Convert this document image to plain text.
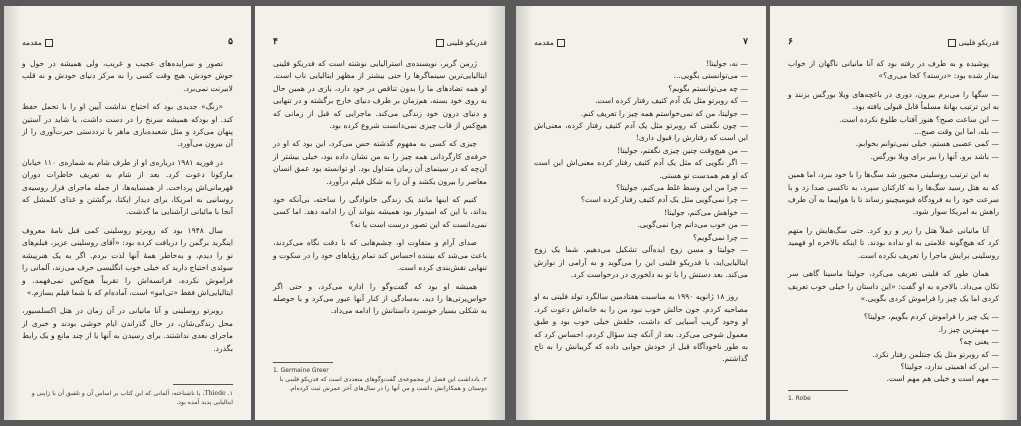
مقدمه	۵

تصور و سرایده‌های عجیب و غریب، ولی همیشه در حول و حوش خودش، هیچ وقت کسی را به مرکز دنیای خودش و نه قلب لابیرنت نمی‌برد.

«زنگ» جدیدی بود که احتیاج نداشت آیین او را با تحمل حفظ کند. او بودکه همیشه سرنخ را در دست داشت، یا شاید در آستین پنهان می‌کرد و مثل شعبده‌بازی ماهر با ترددستی حیرت‌آوری را از آن بیرون می‌آورد.

در فوریه ۱۹۸۱ درباره‌ی او از طرف شام به شماره‌ی ۱۱۰ خیابان مارکونا دعوت کرد. بعد از شام به تعریف خاطرات دوران قهرمانی‌اش پرداخت. از همسایه‌ها، از جمله ماجرای فرار روسیه‌ی روسانیی به امریکا، برای دیدار ایکتا، برگشتن و غذای کلمشل که آنجا با مائیانی ازآشنایی ما گذشت.

سال ۱۹۴۸ بود که روبرتو روسلینی کمی قبل نامهٔ معروف اینگرید برگمن را دریافت کرده بود: «آقای روسلینی عزیز، فیلم‌های تو را دیدم، و به‌خاطر همهٔ آنها لذت بردم. اگر به یک هنرپیشه سوئدی احتیاج دارید که خیلی خوب انگلیسی حرف می‌زند، آلمانی را فراموش نکرده، فرانسه‌اش را تقریباً هیچ‌کس نمی‌فهمد، و ایتالیایی‌اش فقط «تی‌امو» است، آماده‌ام که با شما فیلم بسازم.»

روبرتو روسلینی و آنا مانیانی در آن زمان در هتل اکسلسیور، محل زندگی‌شان، در حال گذراندن ایام خوشی بودند و خبری از ماجرای بعدی نداشتند. برای رسیدن به آنها یا از چند مانع و یک رابط بگذرد.

۱. Thiede، یا ناشناخته، آلمانی که این کتاب بر اساس آن و تلفیق آن با ژاپنی و ایتالیایی پدید آمده بود.
۴	فدریکو فلینی

ژرمن گریر، نویسنده‌ی استرالیایی نوشته است که فدریکو فلینی ایتالیایی‌ترین سینماگرها را حتی بیشتر از مظهر ایتالیایی ناب است. او همه تضادهای ما را بدون تناقص در خود دارد، بازی در همین حال به روی خود بسته، هم‌زمان بر طرف دنیای خارج برگشته و در تنهایی و دنیای درون خود زندگی می‌کند. ماجرایی که قبل از زمانی که هیچ‌کس از قاب چیزی نمی‌دانست شروع کرده بود.

چیزی که کسی به مفهوم گذشته حس می‌کرد، این بود که او در حرفه‌ی کارگردانی همه چیز را به من نشان داده بود، خیلی بیشتر از آن‌چه که در سینمای آن زمان متداول بود. او توانسته بود عمق انسان معاصر را بیرون بکشد و آن را به شکل فیلم درآورد.

کنیم که اینها مانند یک زندگی خانوادگی را ساخته، بی‌آنکه خود بداند، با این که امیدوار بود همیشه بتواند آن را ادامه دهد. اما کسی نمی‌دانست که این تصور درست است یا نه؟

صدای آرام و متفاوت او، چشم‌هایی که با دقت نگاه می‌کردند، باعث می‌شد که بیننده احساس کند تمام رؤیاهای خود را در سکوت و تنهایی نقش‌بندی کرده است.

همیشه او بود که گفت‌وگو را اداره می‌کرد، و حتی اگر حواس‌پرتی‌ها را دید، به‌سادگی از کنار آنها عبور می‌کرد و با حوصله به شکلی بسیار خونسرد داستانش را ادامه می‌داد.

1. Germaine Greer
۲. یادداشت این فصل از مجموعه‌ی گفت‌وگوهای متعددی است که فدریکو فلینی با دوستان و همکارانش داشت و من آنها را در سال‌های آخر عمرش ثبت کرده‌ام.
مقدمه	۷

— نه، جولیتا!

— می‌توانستی بگویی...

— چه می‌توانستم بگویم؟

— که روبرتو مثل یک آدم کثیف رفتار کرده است.

— جولیتا، من که نمی‌خواستم همه چیز را تعریف کنم.

— چون نگفتی که روبرتو مثل یک آدم کثیف رفتار کرده، معنی‌اش این است که رفتارش را قبول داری!

— من هیچ‌وقت چنین چیزی نگفتم، جولیتا!

— اگر نگویی که مثل یک آدم کثیف رفتار کرده معنی‌اش این است که او هم همدست تو هستی.

— چرا من این وسط غلط می‌کنم، جولیتا؟

— چرا نمی‌گویی مثل یک آدم کثیف رفتار کرده است؟

— خواهش می‌کنم، جولیتا!

— من خوب می‌دانم چرا نمی‌گویی.

— چرا نمی‌گویم؟

— جولیتا و مسن زوج ایده‌آلی تشکیل می‌دهیم. شما یک زوج ایتالیایی‌اید، با فدریکو فلینی این را می‌گوید و به آرامی از نوازش می‌کند. بعد دستش را با تو به دلخوری در درخواست کرد.

روز ۱۸ ژانویه ۱۹۹۰ به مناسبت هفتادمین سالگرد تولد فلینی به او مصاحبه کردم. جون حالش خوب نبود من را به خانه‌اش دعوت کرد. او وحود گریب آسیایی که داشت، خلقش خیلی خوب بود و طبق معمول شوخی می‌کرد. بعد از آنکه چند سؤال کردم، احساس کرد که به طور ناخودآگاه قبل از خودش جوابی داده که گریبانش را به تاج گذاشتم.

۶	فدریکو فلینی

پوشیده و به طرف در رفته بود که آنا مانیانی ناگهان از خواب بیدار شده بود: «درسته؟ کجا می‌ری؟»

— سگها را می‌برم بیرون، دوری در باغچه‌های ویلا بورگس بزنند و به این ترتیب بهانهٔ مسلماً قابل قبولی یافته بود.

— این ساعت صبح؟ هنوز آفتاب طلوع نکرده است.

— بله، اما این وقت صبح...

— کمی عصبی هستم، خیلی نمی‌توانم بخوابم.

— باشد برو. آنها را ببر برای ویلا بورگس.

به این ترتیب روسلینی مجبور شد سگ‌ها را با خود ببرد، اما همین که به هتل رسید سگ‌ها را به کارکنان سپرد، به تاکسی صدا زد و با سرعت خود را به فرودگاه فیومیچینو رساند تا با هواپیما به آن طرف راهش به امریکا سوار شود.

آنا مانیانی عملاً هتل را زیر و رو کرد. حتی سگ‌هایش را متهم کرد که هیچ‌گونه علامتی به او نداده بودند. تا اینکه بالاخره او فهمید روسلینی برایش ماجرا را تعریف نکرده است.

همان طور که فلینی تعریف می‌کرد، جولیتا ماسینا گاهی سر تکان می‌داد. بالاخره به او گفت: «این داستان را خیلی خوب تعریف کردی اما یک چیز را فراموش کردی بگویی.»

— یک چیز را فراموش کردم بگویم، جولیتا؟

— مهمترین چیز را.

— یعنی چه؟

— که روبرتو مثل یک جنتلمن رفتار نکرد.

— این که اهمیتی ندارد، جولیتا؟

— مهم است و خیلی هم مهم است.

1. Robe
